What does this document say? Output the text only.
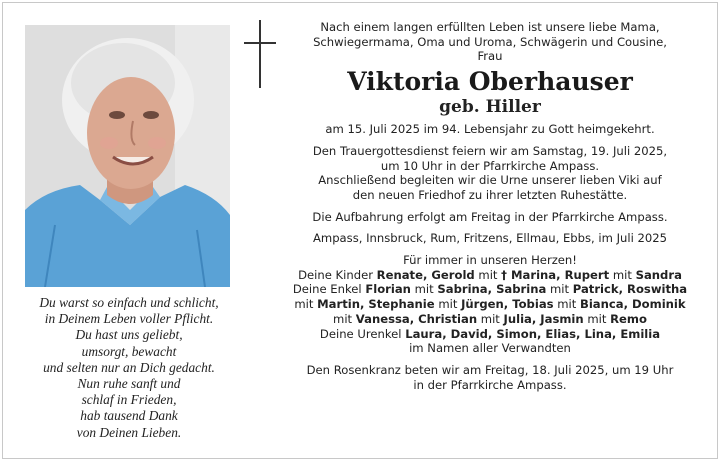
Nach einem langen erfüllten Leben ist unsere liebe Mama,
Schwiegermama, Oma und Uroma, Schwägerin und Cousine,
Frau
Viktoria Oberhauser
geb. Hiller
am 15. Juli 2025 im 94. Lebensjahr zu Gott heimgekehrt.
Den Trauergottesdienst feiern wir am Samstag, 19. Juli 2025,
um 10 Uhr in der Pfarrkirche Ampass.
Anschließend begleiten wir die Urne unserer lieben Viki auf
den neuen Friedhof zu ihrer letzten Ruhestätte.
Die Aufbahrung erfolgt am Freitag in der Pfarrkirche Ampass.
Ampass, Innsbruck, Rum, Fritzens, Ellmau, Ebbs, im Juli 2025
Für immer in unseren Herzen!
Deine Kinder Renate, Gerold mit † Marina, Rupert mit Sandra
Deine Enkel Florian mit Sabrina, Sabrina mit Patrick, Roswitha
mit Martin, Stephanie mit Jürgen, Tobias mit Bianca, Dominik
mit Vanessa, Christian mit Julia, Jasmin mit Remo
Deine Urenkel Laura, David, Simon, Elias, Lina, Emilia
im Namen aller Verwandten
Den Rosenkranz beten wir am Freitag, 18. Juli 2025, um 19 Uhr
in der Pfarrkirche Ampass.
Du warst so einfach und schlicht,
in Deinem Leben voller Pflicht.
Du hast uns geliebt,
umsorgt, bewacht
und selten nur an Dich gedacht.
Nun ruhe sanft und
schlaf in Frieden,
hab tausend Dank
von Deinen Lieben.
